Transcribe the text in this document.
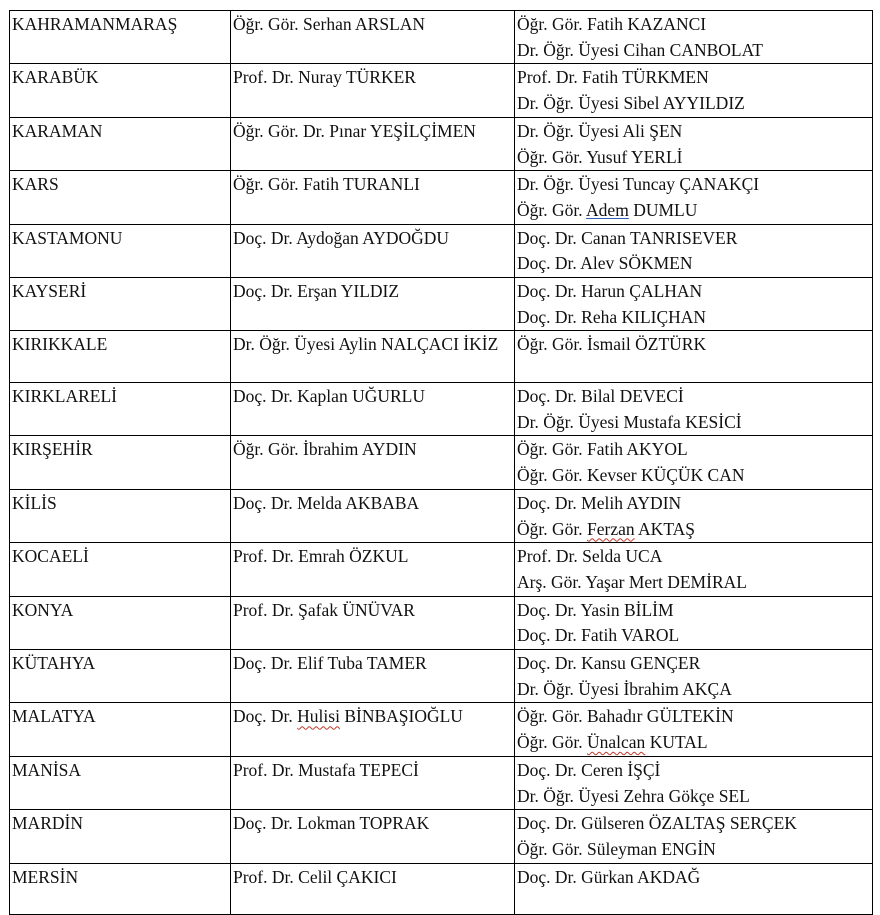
KAHRAMANMARAŞ	Öğr. Gör. Serhan ARSLAN	Öğr. Gör. Fatih KAZANCI
Dr. Öğr. Üyesi Cihan CANBOLAT

KARABÜK	Prof. Dr. Nuray TÜRKER	Prof. Dr. Fatih TÜRKMEN
Dr. Öğr. Üyesi Sibel AYYILDIZ

KARAMAN	Öğr. Gör. Dr. Pınar YEŞİLÇİMEN	Dr. Öğr. Üyesi Ali ŞEN
Öğr. Gör. Yusuf YERLİ

KARS	Öğr. Gör. Fatih TURANLI	Dr. Öğr. Üyesi Tuncay ÇANAKÇI
Öğr. Gör. Adem DUMLU

KASTAMONU	Doç. Dr. Aydoğan AYDOĞDU	Doç. Dr. Canan TANRISEVER
Doç. Dr. Alev SÖKMEN

KAYSERİ	Doç. Dr. Erşan YILDIZ	Doç. Dr. Harun ÇALHAN
Doç. Dr. Reha KILIÇHAN

KIRIKKALE	Dr. Öğr. Üyesi Aylin NALÇACI İKİZ	Öğr. Gör. İsmail ÖZTÜRK

KIRKLARELİ	Doç. Dr. Kaplan UĞURLU	Doç. Dr. Bilal DEVECİ
Dr. Öğr. Üyesi Mustafa KESİCİ

KIRŞEHİR	Öğr. Gör. İbrahim AYDIN	Öğr. Gör. Fatih AKYOL
Öğr. Gör. Kevser KÜÇÜK CAN

KİLİS	Doç. Dr. Melda AKBABA	Doç. Dr. Melih AYDIN
Öğr. Gör. Ferzan AKTAŞ

KOCAELİ	Prof. Dr. Emrah ÖZKUL	Prof. Dr. Selda UCA
Arş. Gör. Yaşar Mert DEMİRAL

KONYA	Prof. Dr. Şafak ÜNÜVAR	Doç. Dr. Yasin BİLİM
Doç. Dr. Fatih VAROL

KÜTAHYA	Doç. Dr. Elif Tuba TAMER	Doç. Dr. Kansu GENÇER
Dr. Öğr. Üyesi İbrahim AKÇA

MALATYA	Doç. Dr. Hulisi BİNBAŞIOĞLU	Öğr. Gör. Bahadır GÜLTEKİN
Öğr. Gör. Ünalcan KUTAL

MANİSA	Prof. Dr. Mustafa TEPECİ	Doç. Dr. Ceren İŞÇİ
Dr. Öğr. Üyesi Zehra Gökçe SEL

MARDİN	Doç. Dr. Lokman TOPRAK	Doç. Dr. Gülseren ÖZALTAŞ SERÇEK
Öğr. Gör. Süleyman ENGİN

MERSİN	Prof. Dr. Celil ÇAKICI	Doç. Dr. Gürkan AKDAĞ
